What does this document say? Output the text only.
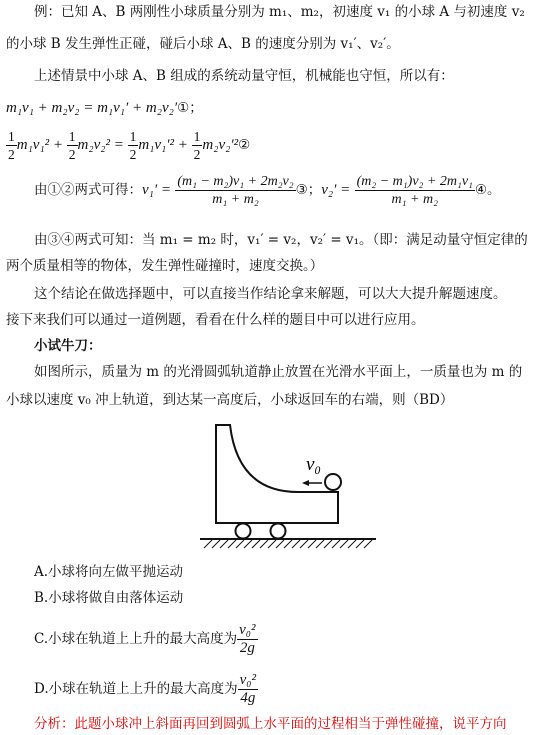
例：已知 A、B 两刚性小球质量分别为 m₁、m₂，初速度 v₁ 的小球 A 与初速度 v₂
的小球 B 发生弹性正碰，碰后小球 A、B 的速度分别为 v₁′、v₂′。
上述情景中小球 A、B 组成的系统动量守恒，机械能也守恒，所以有：
m₁v₁ + m₂v₂ = m₁v₁′ + m₂v₂′①；
$\frac{1}{2} m_1v_1^2 + \frac{1}{2} m_2v_2^2 = \frac{1}{2} m_1v_1'^2 + \frac{1}{2}$ m₂v₂′²②
由①②两式可得：$v_1' = \frac{\text{(m₁ − m₂)v₁ + 2m₂v₂}}{\text{m₁ + m₂}}$ ③；$v_2' = \frac{\text{(m₂ − m₁)v₂ + 2m₁v₁}}{\text{m₁ + m₂}}$ ④。
由③④两式可知：当 m₁ = m₂ 时，v₁′ = v₂，v₂′ = v₁。（即：满足动量守恒定律的
两个质量相等的物体，发生弹性碰撞时，速度交换。）
这个结论在做选择题中，可以直接当作结论拿来解题，可以大大提升解题速度。
接下来我们可以通过一道例题，看看在什么样的题目中可以进行应用。
小试牛刀：
如图所示，质量为 m 的光滑圆弧轨道静止放置在光滑水平面上，一质量也为 m 的
小球以速度 v₀ 冲上轨道，到达某一高度后，小球返回车的右端，则（BD）
v₀
A.小球将向左做平抛运动
B.小球将做自由落体运动
C.小球在轨道上上升的最大高度为 $\frac{\text{v₀²}}{2g}$
D.小球在轨道上上升的最大高度为 $\frac{\text{v₀²}}{4g}$
分析：此题小球冲上斜面再回到圆弧上水平面的过程相当于弹性碰撞，说平方向
